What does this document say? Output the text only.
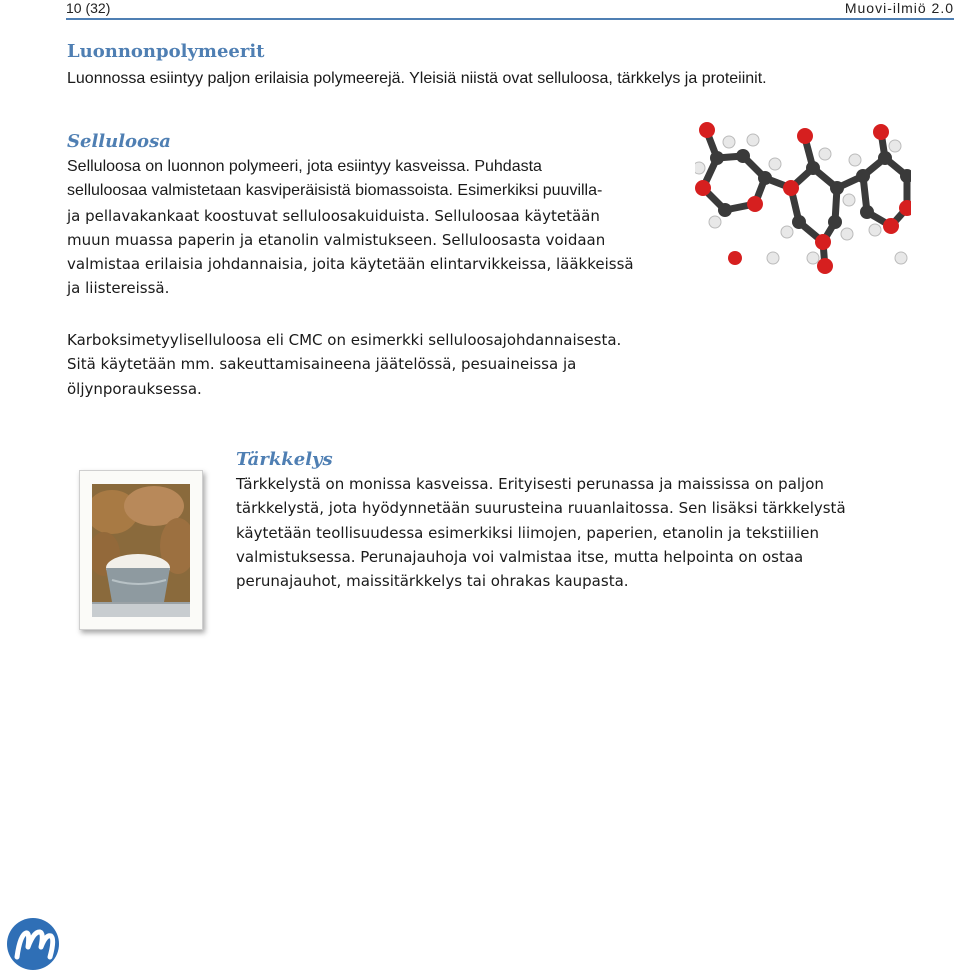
10 (32)	Muovi-ilmiö 2.0
Luonnonpolymeerit

Luonnossa esiintyy paljon erilaisia polymeerejä. Yleisiä niistä ovat selluloosa, tärkkelys ja proteiinit.

Selluloosa

Selluloosa on luonnon polymeeri, jota esiintyy kasveissa. Puhdasta
selluloosaa valmistetaan kasviperäisistä biomassoista. Esimerkiksi puuvilla-
ja pellavakankaat koostuvat selluloosakuiduista. Selluloosaa käytetään
muun muassa paperin ja etanolin valmistukseen. Selluloosasta voidaan
valmistaa erilaisia johdannaisia, joita käytetään elintarvikkeissa, lääkkeissä
ja liistereissä.

Karboksimetyyliselluloosa eli CMC on esimerkki selluloosajohdannaisesta.
Sitä käytetään mm. sakeuttamisaineena jäätelössä, pesuaineissa ja
öljynporauksessa.

Tärkkelys

Tärkkelystä on monissa kasveissa. Erityisesti perunassa ja maississa on paljon
tärkkelystä, jota hyödynnetään suurusteina ruuanlaitossa. Sen lisäksi tärkkelystä
käytetään teollisuudessa esimerkiksi liimojen, paperien, etanolin ja tekstiilien
valmistuksessa. Perunajauhoja voi valmistaa itse, mutta helpointa on ostaa
perunajauhot, maissitärkkelys tai ohrakas kaupasta.
